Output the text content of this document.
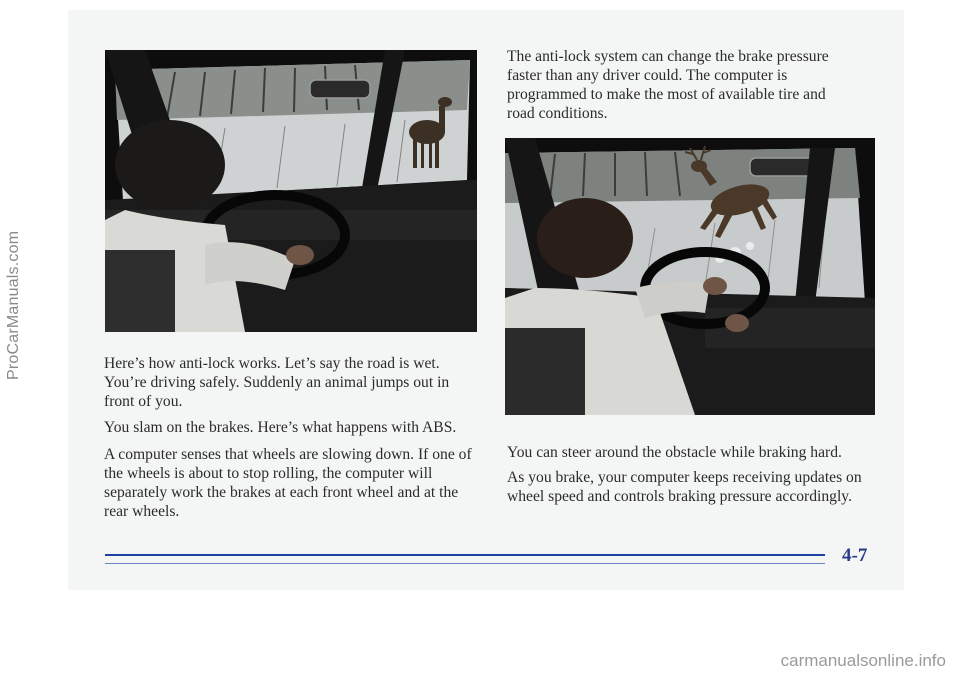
Here’s how anti-lock works. Let’s say the road is wet. You’re driving safely. Suddenly an animal jumps out in front of you.

You slam on the brakes. Here’s what happens with ABS.

A computer senses that wheels are slowing down. If one of the wheels is about to stop rolling, the computer will separately work the brakes at each front wheel and at the rear wheels.

The anti-lock system can change the brake pressure faster than any driver could. The computer is programmed to make the most of available tire and road conditions.

You can steer around the obstacle while braking hard.

As you brake, your computer keeps receiving updates on wheel speed and controls braking pressure accordingly.

4-7
ProCarManuals.com
carmanualsonline.info
